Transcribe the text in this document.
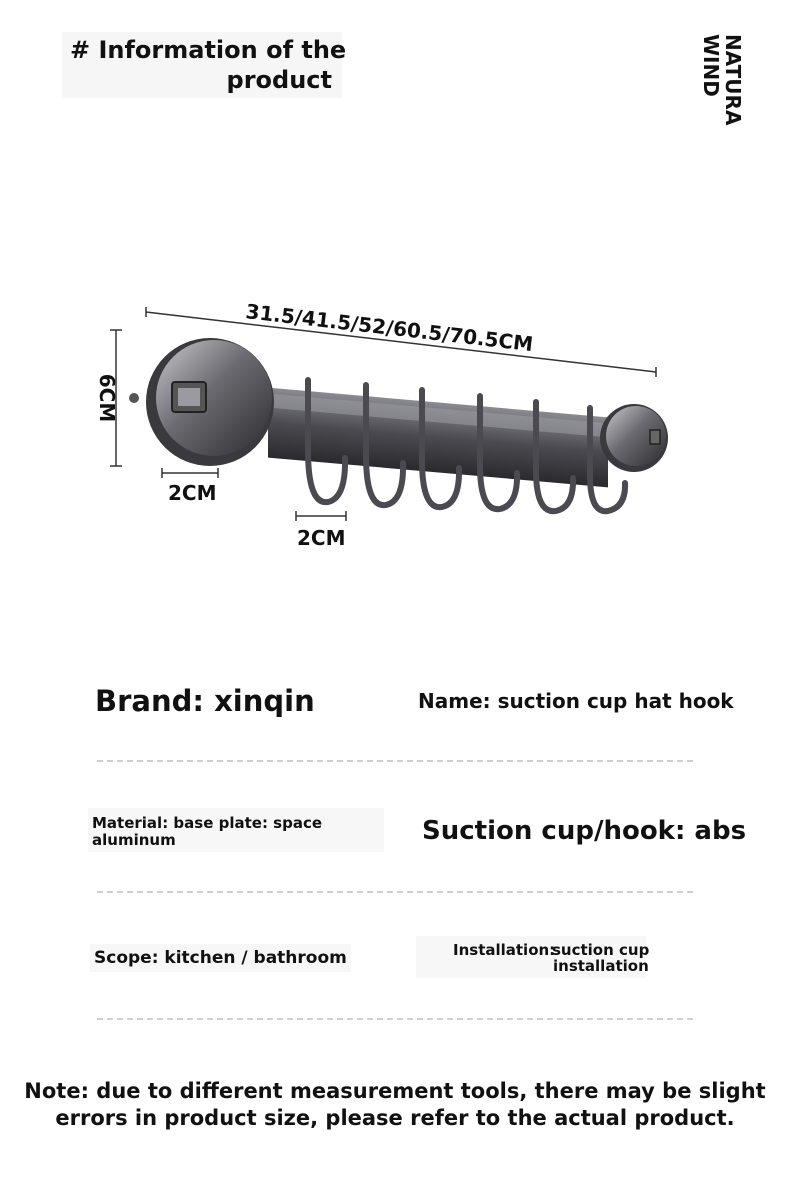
# Information of the
product	NATURA
WIND
31.5/41.5/52/60.5/70.5CM
6CM
2CM
2CM
Brand: xinqin	Name: suction cup hat hook
Material: base plate: space
aluminum	Suction cup/hook: abs
Scope: kitchen / bathroom	Installation:
suction cup
installation
Note: due to different measurement tools, there may be slight
errors in product size, please refer to the actual product.
